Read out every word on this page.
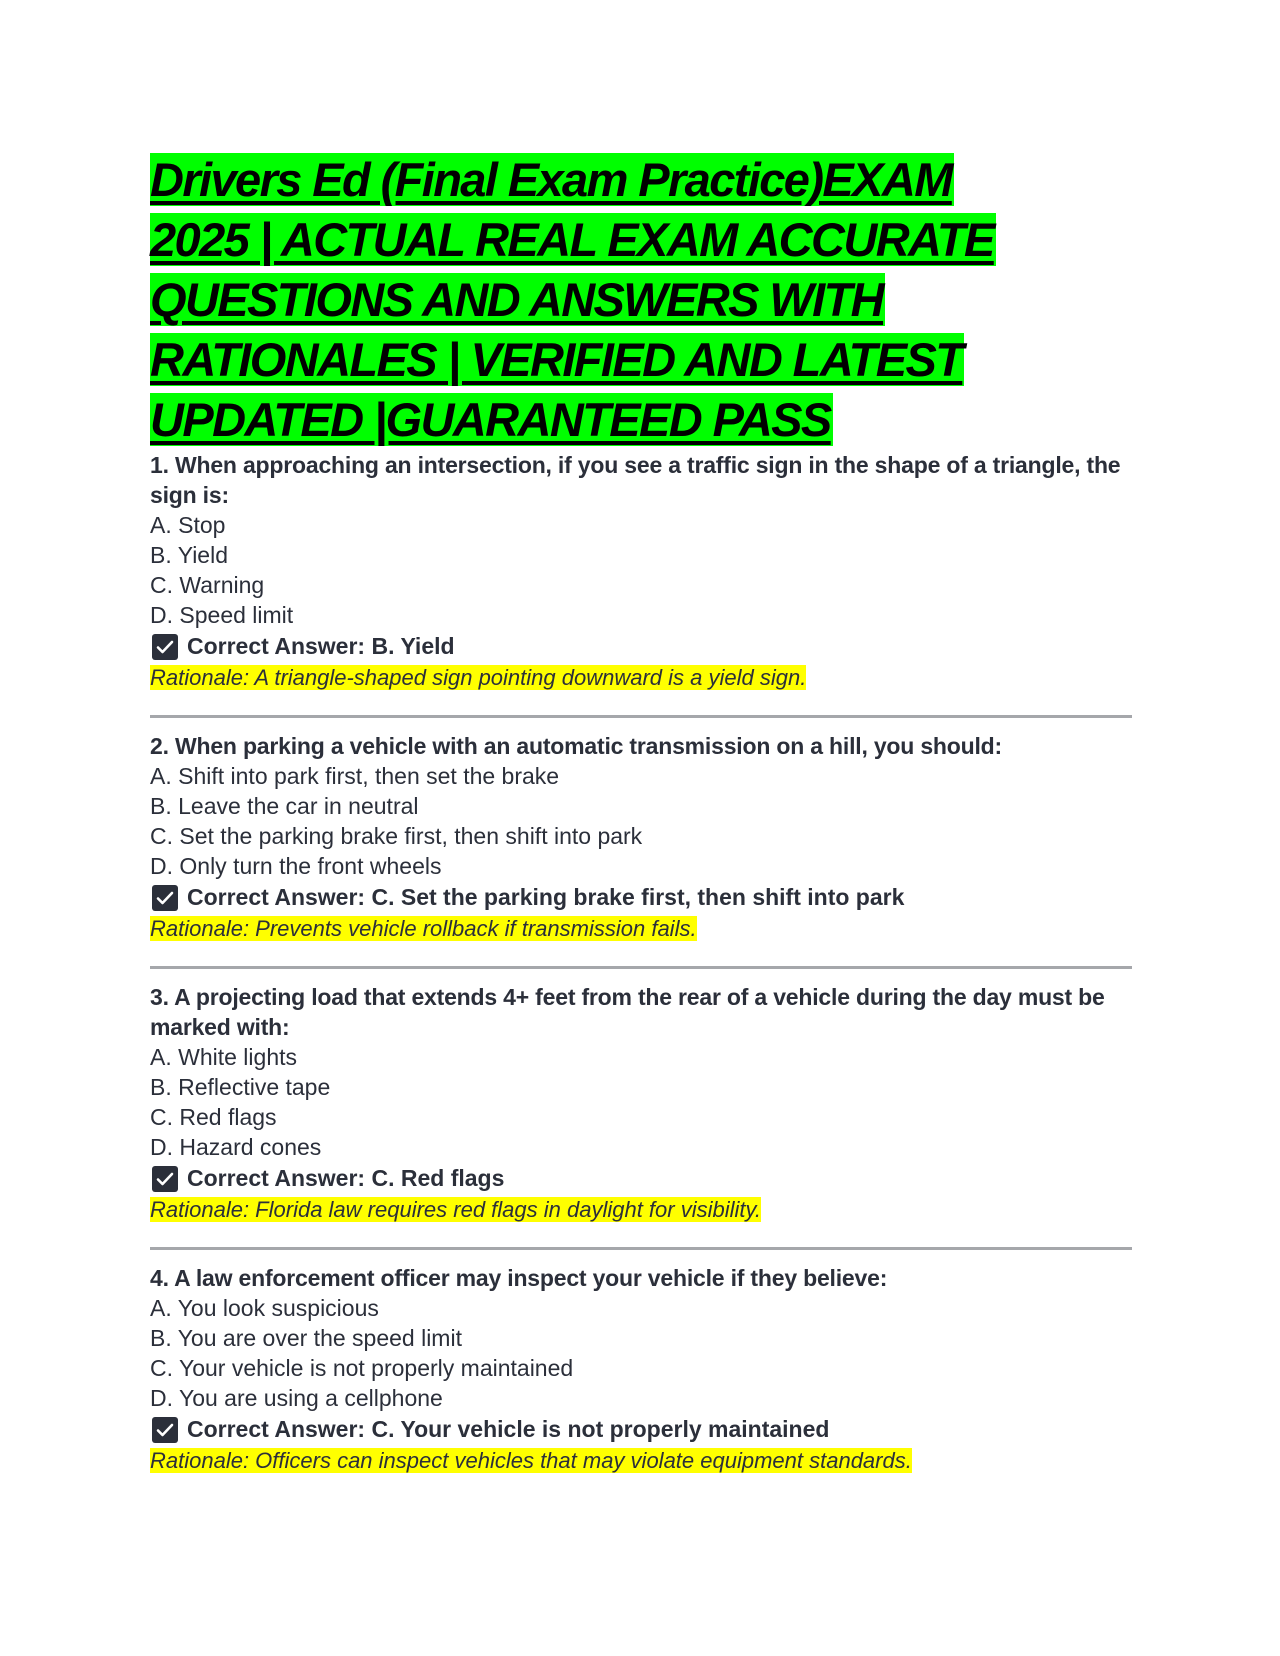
Drivers Ed (Final Exam Practice)EXAM
2025 | ACTUAL REAL EXAM ACCURATE
QUESTIONS AND ANSWERS WITH
RATIONALES | VERIFIED AND LATEST
UPDATED |GUARANTEED PASS

1. When approaching an intersection, if you see a traffic sign in the shape of a triangle, the sign is:

A. Stop

B. Yield

C. Warning

D. Speed limit

Correct Answer: B. Yield

Rationale: A triangle-shaped sign pointing downward is a yield sign.

2. When parking a vehicle with an automatic transmission on a hill, you should:

A. Shift into park first, then set the brake

B. Leave the car in neutral

C. Set the parking brake first, then shift into park

D. Only turn the front wheels

Correct Answer: C. Set the parking brake first, then shift into park

Rationale: Prevents vehicle rollback if transmission fails.

3. A projecting load that extends 4+ feet from the rear of a vehicle during the day must be marked with:

A. White lights

B. Reflective tape

C. Red flags

D. Hazard cones

Correct Answer: C. Red flags

Rationale: Florida law requires red flags in daylight for visibility.

4. A law enforcement officer may inspect your vehicle if they believe:

A. You look suspicious

B. You are over the speed limit

C. Your vehicle is not properly maintained

D. You are using a cellphone

Correct Answer: C. Your vehicle is not properly maintained

Rationale: Officers can inspect vehicles that may violate equipment standards.
